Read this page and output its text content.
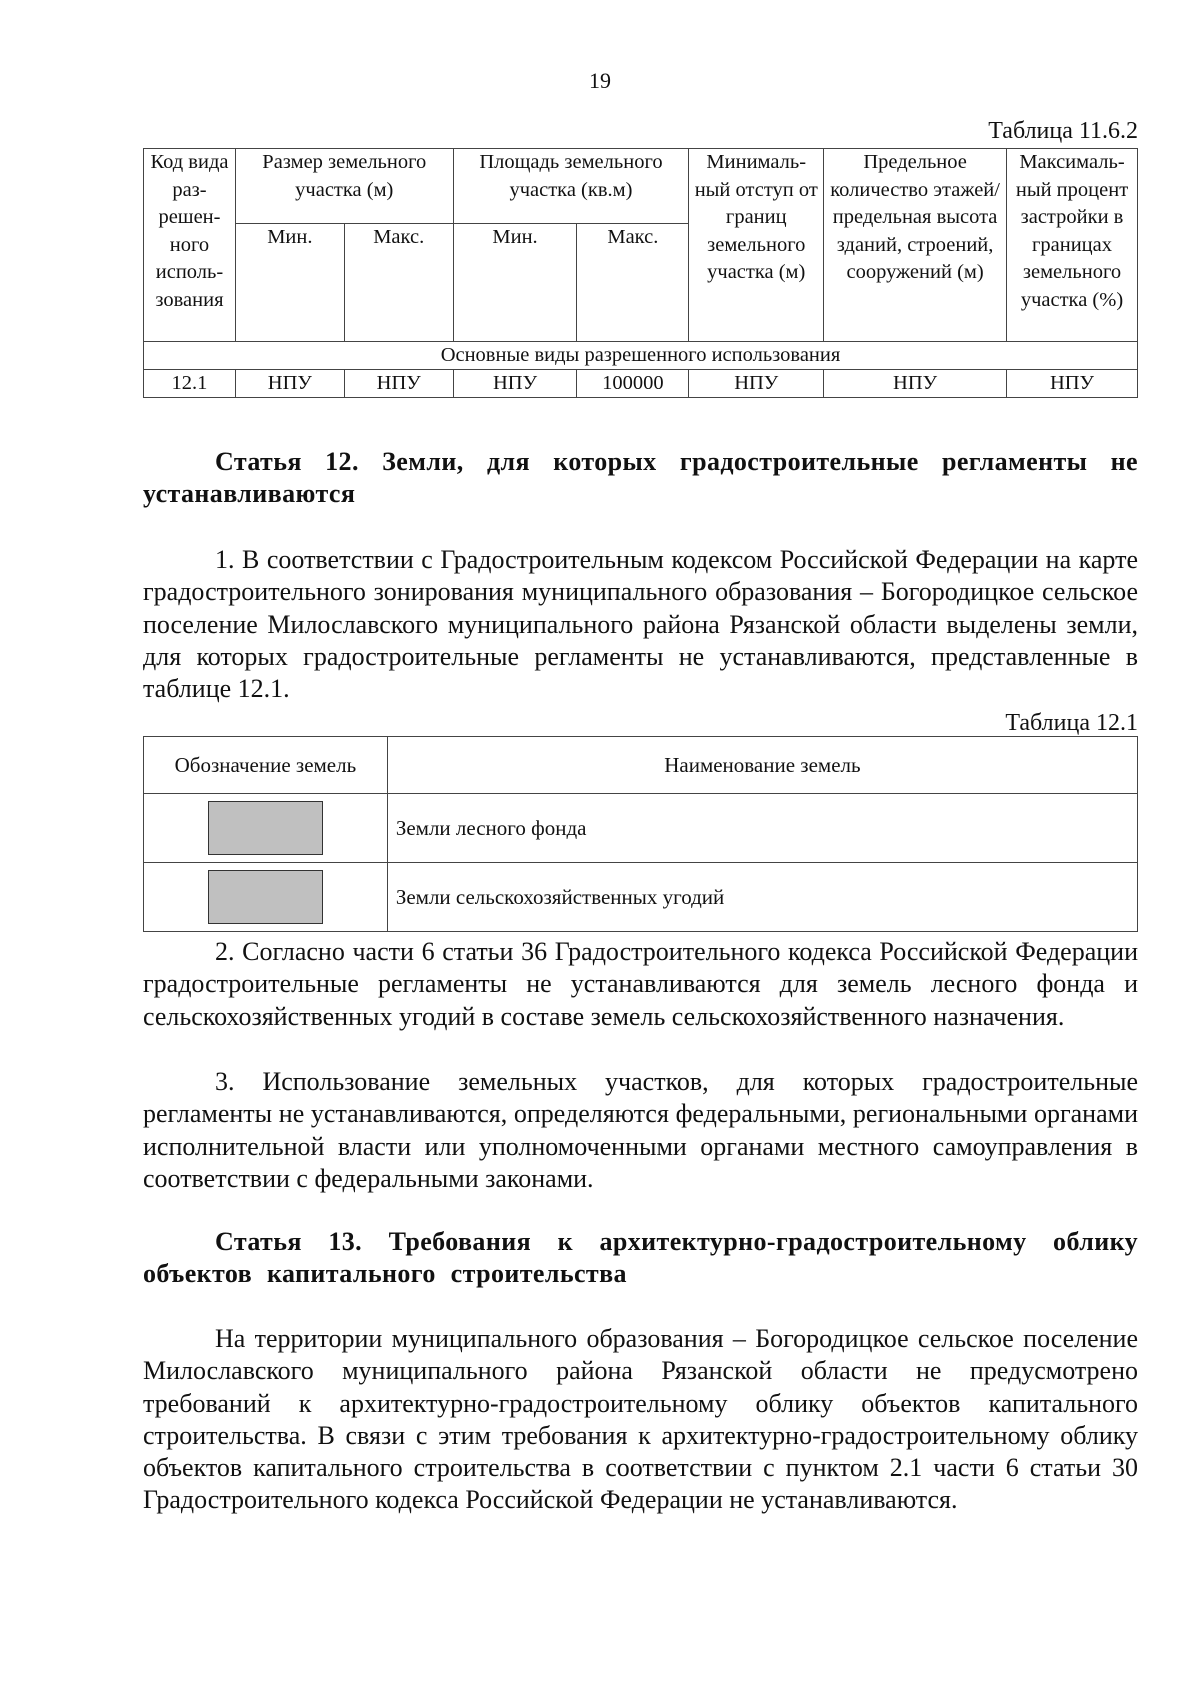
19
Таблица 11.6.2
Код вида раз-решен-ного исполь-зования	Размер земельного участка (м)		Площадь земельного участка (кв.м)		Минималь-ный отступ от границ земельного участка (м)	Предельное количество этажей/ предельная высота зданий, строений, сооружений (м)	Максималь-ный процент застройки в границах земельного участка (%)
	Мин.	Макс.	Мин.	Макс.			
Основные виды разрешенного использования							
12.1	НПУ	НПУ	НПУ	100000	НПУ	НПУ	НПУ
Статья 12. Земли, для которых градостроительные регламенты не устанавливаются
1. В соответствии с Градостроительным кодексом Российской Федерации на карте градостроительного зонирования муниципального образования – Богородицкое сельское поселение Милославского муниципального района Рязанской области выделены земли, для которых градостроительные регламенты не устанавливаются, представленные в таблице 12.1.
Таблица 12.1
Обозначение земель	Наименование земель

	Земли лесного фонда

	Земли сельскохозяйственных угодий
2. Согласно части 6 статьи 36 Градостроительного кодекса Российской Федерации градостроительные регламенты не устанавливаются для земель лесного фонда и сельскохозяйственных угодий в составе земель сельскохозяйственного назначения.
3. Использование земельных участков, для которых градостроительные регламенты не устанавливаются, определяются федеральными, региональными органами исполнительной власти или уполномоченными органами местного самоуправления в соответствии с федеральными законами.
Статья 13. Требования к архитектурно-градостроительному облику объектов капитального строительства
На территории муниципального образования – Богородицкое сельское поселение Милославского муниципального района Рязанской области не предусмотрено требований к архитектурно-градостроительному облику объектов капитального строительства. В связи с этим требования к архитектурно-градостроительному облику объектов капитального строительства в соответствии с пунктом 2.1 части 6 статьи 30 Градостроительного кодекса Российской Федерации не устанавливаются.
